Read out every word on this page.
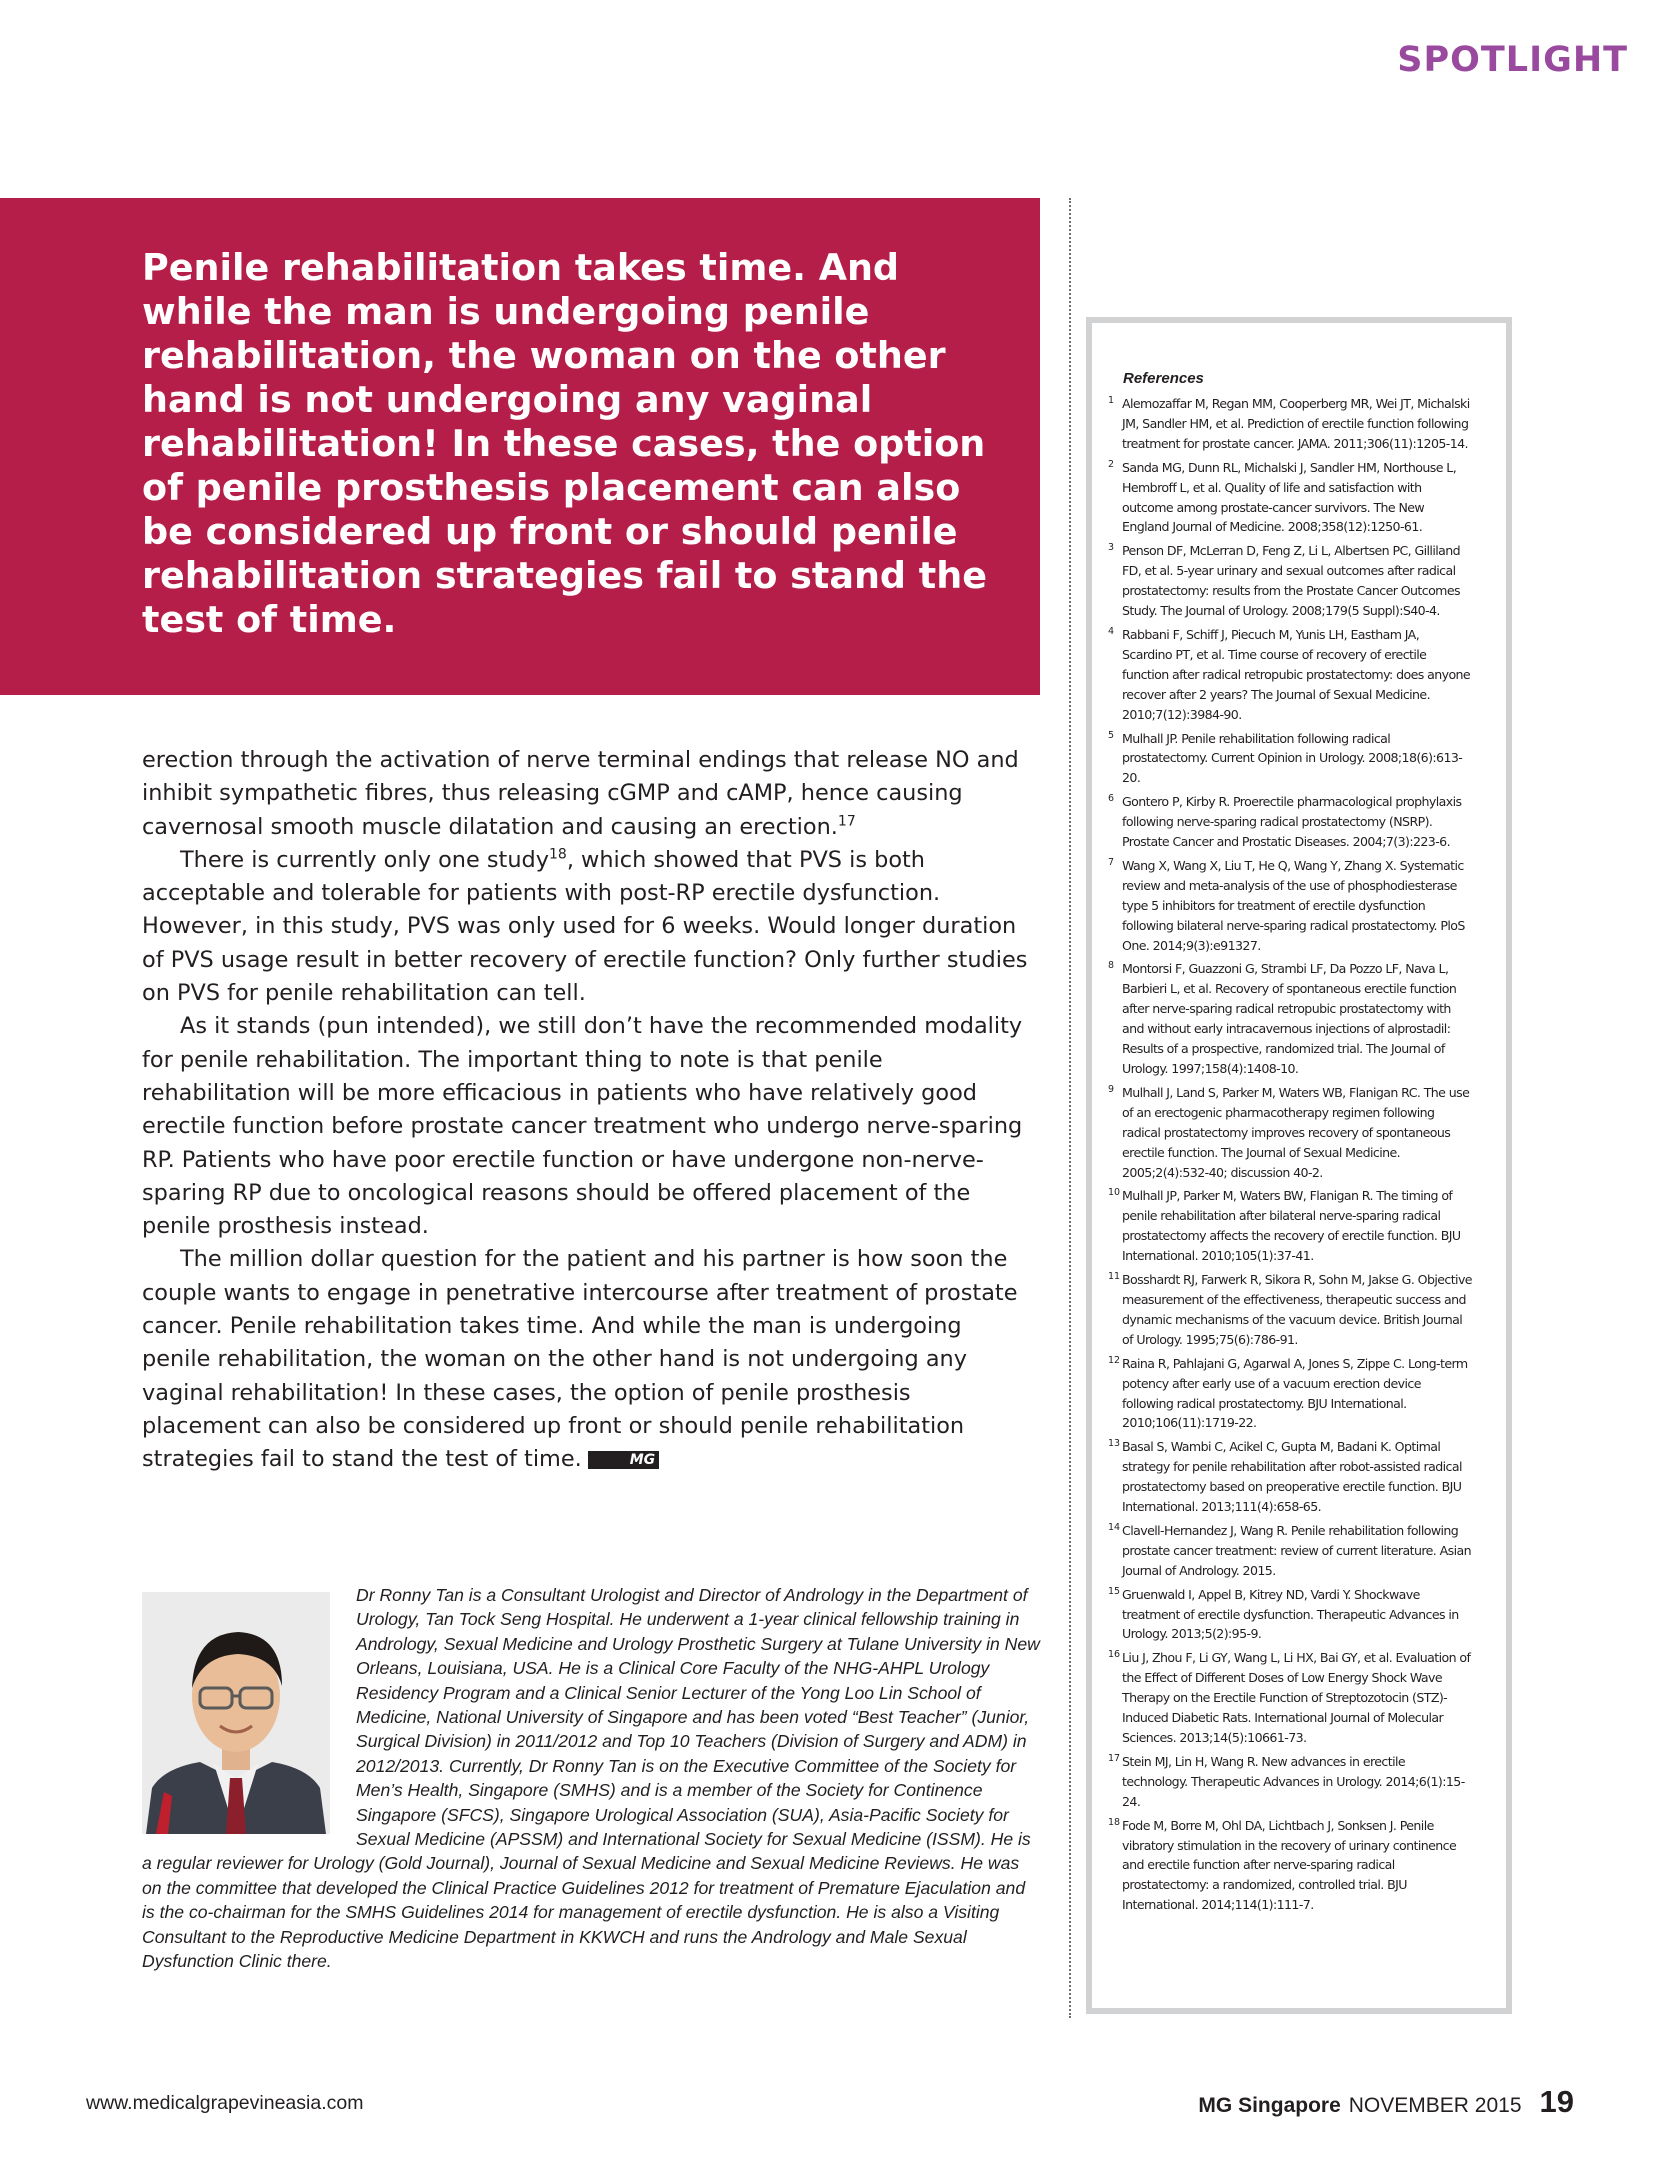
SPOTLIGHT

Penile rehabilitation takes time. And while the man is undergoing penile rehabilitation, the woman on the other hand is not undergoing any vaginal rehabilitation! In these cases, the option of penile prosthesis placement can also be considered up front or should penile rehabilitation strategies fail to stand the test of time.

erection through the activation of nerve terminal endings that release NO and inhibit sympathetic fibres, thus releasing cGMP and cAMP, hence causing cavernosal smooth muscle dilatation and causing an erection.$^{17}$

There is currently only one study$^{18}$, which showed that PVS is both acceptable and tolerable for patients with post-RP erectile dysfunction. However, in this study, PVS was only used for 6 weeks. Would longer duration of PVS usage result in better recovery of erectile function? Only further studies on PVS for penile rehabilitation can tell.

As it stands (pun intended), we still don’t have the recommended modality for penile rehabilitation. The important thing to note is that penile rehabilitation will be more efficacious in patients who have relatively good erectile function before prostate cancer treatment who undergo nerve-sparing RP. Patients who have poor erectile function or have undergone non-nerve-sparing RP due to oncological reasons should be offered placement of the penile prosthesis instead.

The million dollar question for the patient and his partner is how soon the couple wants to engage in penetrative intercourse after treatment of prostate cancer. Penile rehabilitation takes time. And while the man is undergoing penile rehabilitation, the woman on the other hand is not undergoing any vaginal rehabilitation! In these cases, the option of penile prosthesis placement can also be considered up front or should penile rehabilitation strategies fail to stand the test of time.	MG

Dr Ronny Tan is a Consultant Urologist and Director of Andrology in the Department of Urology, Tan Tock Seng Hospital. He underwent a 1-year clinical fellowship training in Andrology, Sexual Medicine and Urology Prosthetic Surgery at Tulane University in New Orleans, Louisiana, USA. He is a Clinical Core Faculty of the NHG-AHPL Urology Residency Program and a Clinical Senior Lecturer of the Yong Loo Lin School of Medicine, National University of Singapore and has been voted “Best Teacher” (Junior, Surgical Division) in 2011/2012 and Top 10 Teachers (Division of Surgery and ADM) in 2012/2013. Currently, Dr Ronny Tan is on the Executive Committee of the Society for Men’s Health, Singapore (SMHS) and is a member of the Society for Continence Singapore (SFCS), Singapore Urological Association (SUA), Asia-Pacific Society for Sexual Medicine (APSSM) and International Society for Sexual Medicine (ISSM). He is a regular reviewer for Urology (Gold Journal), Journal of Sexual Medicine and Sexual Medicine Reviews. He was on the committee that developed the Clinical Practice Guidelines 2012 for treatment of Premature Ejaculation and is the co-chairman for the SMHS Guidelines 2014 for management of erectile dysfunction. He is also a Visiting Consultant to the Reproductive Medicine Department in KKWCH and runs the Andrology and Male Sexual Dysfunction Clinic there.

References

1 Alemozaffar M, Regan MM, Cooperberg MR, Wei JT, Michalski JM, Sandler HM, et al. Prediction of erectile function following treatment for prostate cancer. JAMA. 2011;306(11):1205-14.
2 Sanda MG, Dunn RL, Michalski J, Sandler HM, Northouse L, Hembroff L, et al. Quality of life and satisfaction with outcome among prostate-cancer survivors. The New England Journal of Medicine. 2008;358(12):1250-61.
3 Penson DF, McLerran D, Feng Z, Li L, Albertsen PC, Gilliland FD, et al. 5-year urinary and sexual outcomes after radical prostatectomy: results from the Prostate Cancer Outcomes Study. The Journal of Urology. 2008;179(5 Suppl):S40-4.
4 Rabbani F, Schiff J, Piecuch M, Yunis LH, Eastham JA, Scardino PT, et al. Time course of recovery of erectile function after radical retropubic prostatectomy: does anyone recover after 2 years? The Journal of Sexual Medicine. 2010;7(12):3984-90.
5 Mulhall JP. Penile rehabilitation following radical prostatectomy. Current Opinion in Urology. 2008;18(6):613-20.
6 Gontero P, Kirby R. Proerectile pharmacological prophylaxis following nerve-sparing radical prostatectomy (NSRP). Prostate Cancer and Prostatic Diseases. 2004;7(3):223-6.
7 Wang X, Wang X, Liu T, He Q, Wang Y, Zhang X. Systematic review and meta-analysis of the use of phosphodiesterase type 5 inhibitors for treatment of erectile dysfunction following bilateral nerve-sparing radical prostatectomy. PloS One. 2014;9(3):e91327.
8 Montorsi F, Guazzoni G, Strambi LF, Da Pozzo LF, Nava L, Barbieri L, et al. Recovery of spontaneous erectile function after nerve-sparing radical retropubic prostatectomy with and without early intracavernous injections of alprostadil: Results of a prospective, randomized trial. The Journal of Urology. 1997;158(4):1408-10.
9 Mulhall J, Land S, Parker M, Waters WB, Flanigan RC. The use of an erectogenic pharmacotherapy regimen following radical prostatectomy improves recovery of spontaneous erectile function. The Journal of Sexual Medicine. 2005;2(4):532-40; discussion 40-2.
10 Mulhall JP, Parker M, Waters BW, Flanigan R. The timing of penile rehabilitation after bilateral nerve-sparing radical prostatectomy affects the recovery of erectile function. BJU International. 2010;105(1):37-41.
11 Bosshardt RJ, Farwerk R, Sikora R, Sohn M, Jakse G. Objective measurement of the effectiveness, therapeutic success and dynamic mechanisms of the vacuum device. British Journal of Urology. 1995;75(6):786-91.
12 Raina R, Pahlajani G, Agarwal A, Jones S, Zippe C. Long-term potency after early use of a vacuum erection device following radical prostatectomy. BJU International. 2010;106(11):1719-22.
13 Basal S, Wambi C, Acikel C, Gupta M, Badani K. Optimal strategy for penile rehabilitation after robot-assisted radical prostatectomy based on preoperative erectile function. BJU International. 2013;111(4):658-65.
14 Clavell-Hernandez J, Wang R. Penile rehabilitation following prostate cancer treatment: review of current literature. Asian Journal of Andrology. 2015.
15 Gruenwald I, Appel B, Kitrey ND, Vardi Y. Shockwave treatment of erectile dysfunction. Therapeutic Advances in Urology. 2013;5(2):95-9.
16 Liu J, Zhou F, Li GY, Wang L, Li HX, Bai GY, et al. Evaluation of the Effect of Different Doses of Low Energy Shock Wave Therapy on the Erectile Function of Streptozotocin (STZ)-Induced Diabetic Rats. International Journal of Molecular Sciences. 2013;14(5):10661-73.
17 Stein MJ, Lin H, Wang R. New advances in erectile technology. Therapeutic Advances in Urology. 2014;6(1):15-24.
18 Fode M, Borre M, Ohl DA, Lichtbach J, Sonksen J. Penile vibratory stimulation in the recovery of urinary continence and erectile function after nerve-sparing radical prostatectomy: a randomized, controlled trial. BJU International. 2014;114(1):111-7.
www.medicalgrapevineasia.com	MG Singapore NOVEMBER 2015 19
